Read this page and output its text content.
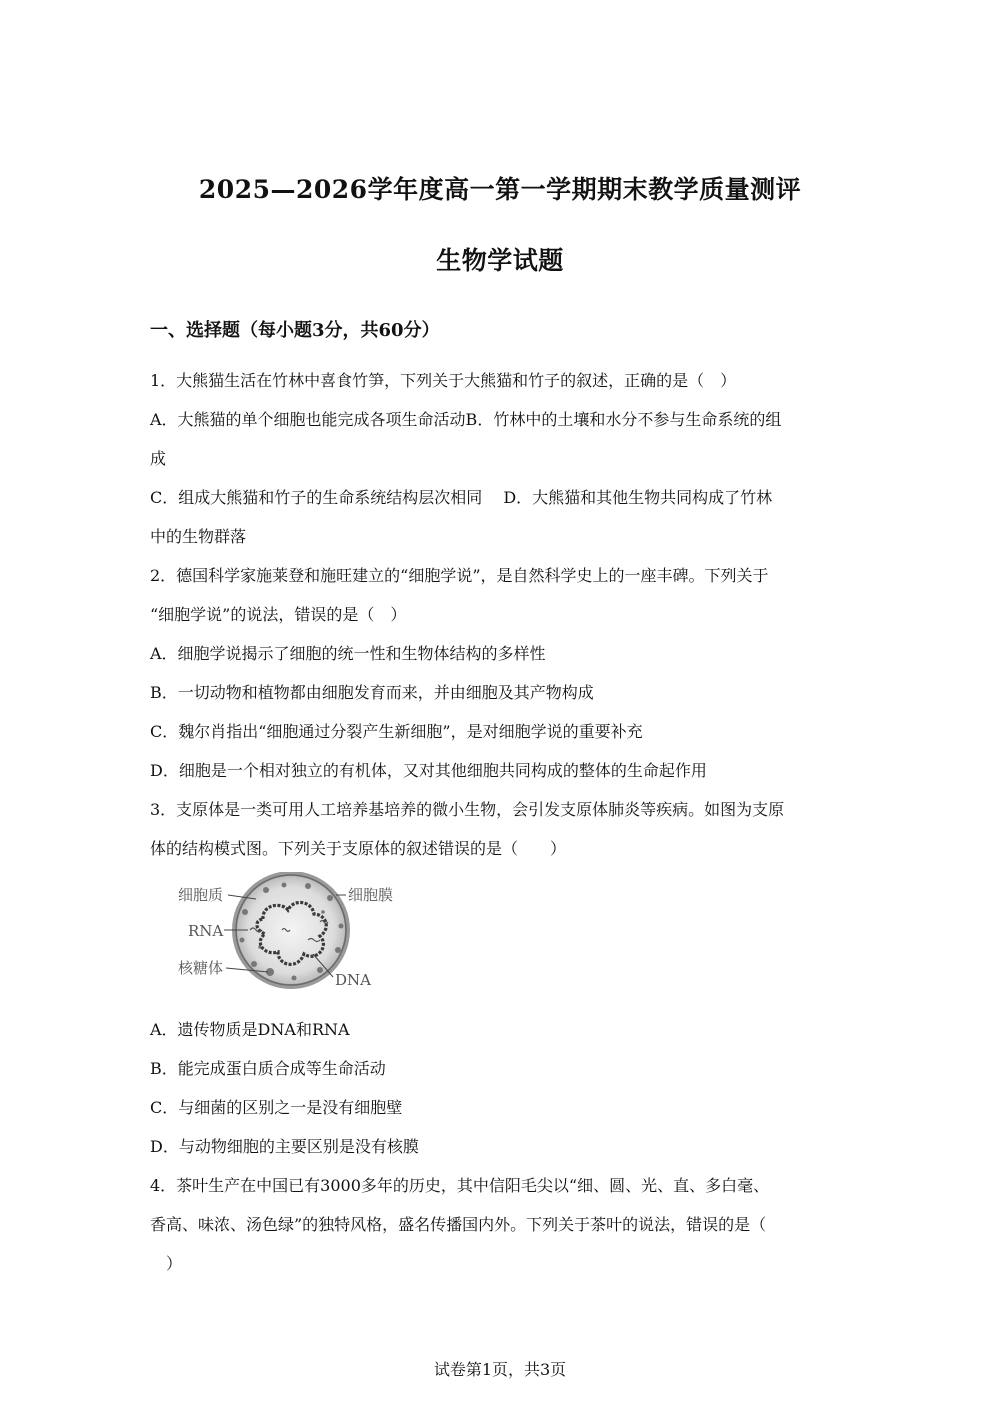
2025—2026学年度高一第一学期期末教学质量测评
生物学试题
一、选择题（每小题3分，共60分）
1．大熊猫生活在竹林中喜食竹笋，下列关于大熊猫和竹子的叙述，正确的是（　）
A．大熊猫的单个细胞也能完成各项生命活动B．竹林中的土壤和水分不参与生命系统的组
成
C．组成大熊猫和竹子的生命系统结构层次相同　 D．大熊猫和其他生物共同构成了竹林
中的生物群落
2．德国科学家施莱登和施旺建立的“细胞学说”，是自然科学史上的一座丰碑。下列关于
“细胞学说”的说法，错误的是（　）
A．细胞学说揭示了细胞的统一性和生物体结构的多样性
B．一切动物和植物都由细胞发育而来，并由细胞及其产物构成
C．魏尔肖指出“细胞通过分裂产生新细胞”，是对细胞学说的重要补充
D．细胞是一个相对独立的有机体，又对其他细胞共同构成的整体的生命起作用
3．支原体是一类可用人工培养基培养的微小生物，会引发支原体肺炎等疾病。如图为支原
体的结构模式图。下列关于支原体的叙述错误的是（　　）
细胞质	细胞膜
RNA
核糖体
DNA
A．遗传物质是DNA和RNA
B．能完成蛋白质合成等生命活动
C．与细菌的区别之一是没有细胞壁
D．与动物细胞的主要区别是没有核膜
4．茶叶生产在中国已有3000多年的历史，其中信阳毛尖以“细、圆、光、直、多白毫、
香高、味浓、汤色绿”的独特风格，盛名传播国内外。下列关于茶叶的说法，错误的是（
　）
试卷第1页，共3页
